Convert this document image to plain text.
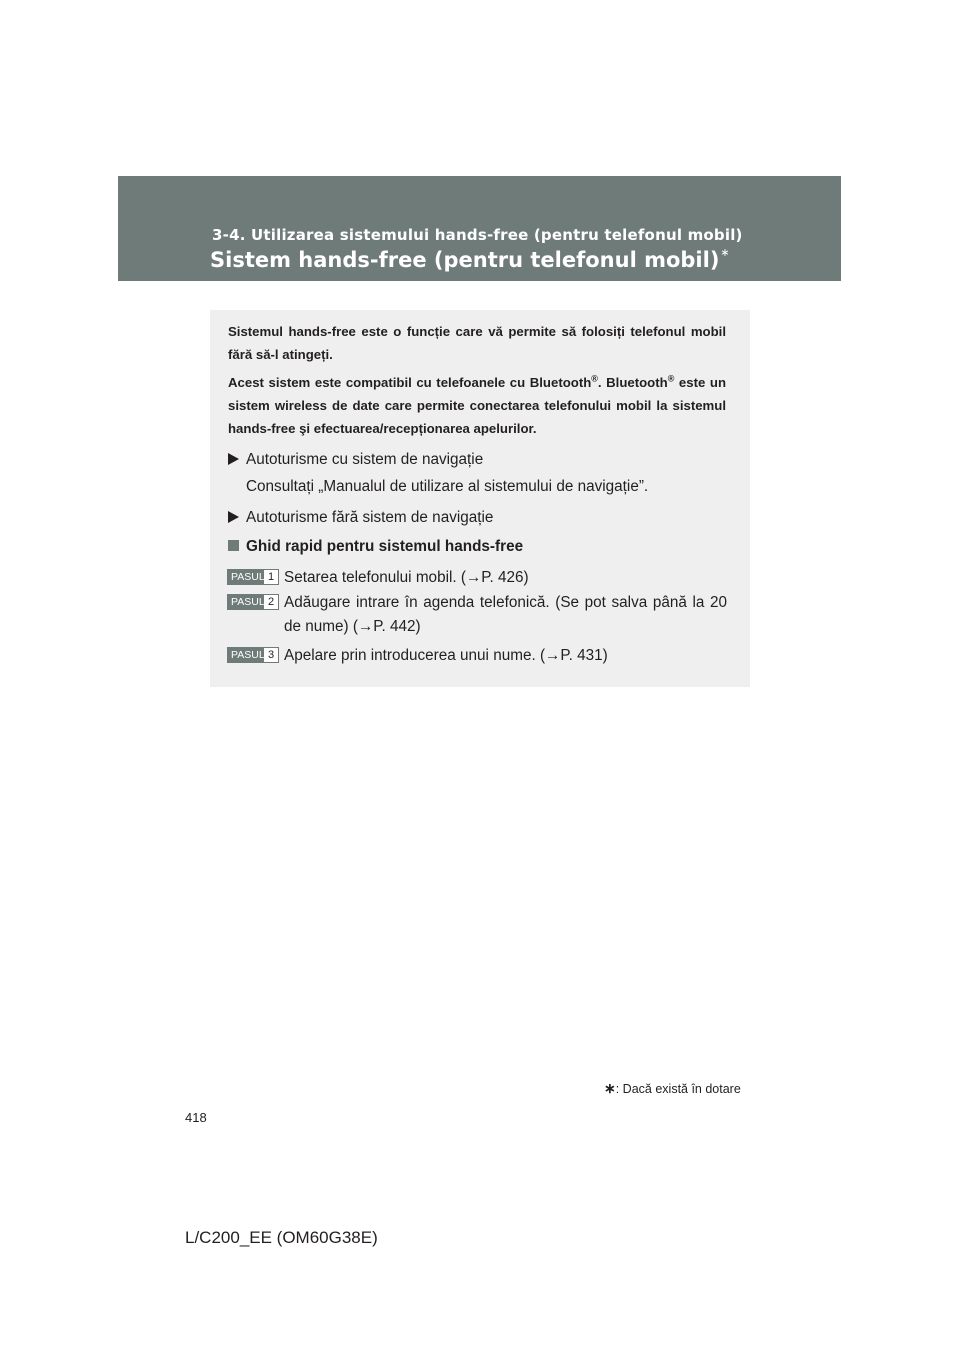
3-4. Utilizarea sistemului hands-free (pentru telefonul mobil)
Sistem hands-free (pentru telefonul mobil)∗

Sistemul hands-free este o funcție care vă permite să folosiți telefonul mobil fără să-l atingeți.

Acest sistem este compatibil cu telefoanele cu Bluetooth®. Bluetooth® este un sistem wireless de date care permite conectarea telefonului mobil la sistemul hands-free şi efectuarea/recepționarea apelurilor.

Autoturisme cu sistem de navigație
Consultați „Manualul de utilizare al sistemului de navigație”.
Autoturisme fără sistem de navigație
Ghid rapid pentru sistemul hands-free
PASUL 1 Setarea telefonului mobil. (→P. 426)

PASUL 2 Adăugare intrare în agenda telefonică. (Se pot salva până la 20 de nume) (→P. 442)

PASUL 3 Apelare prin introducerea unui nume. (→P. 431)

∗: Dacă există în dotare
418
L/C200_EE (OM60G38E)
